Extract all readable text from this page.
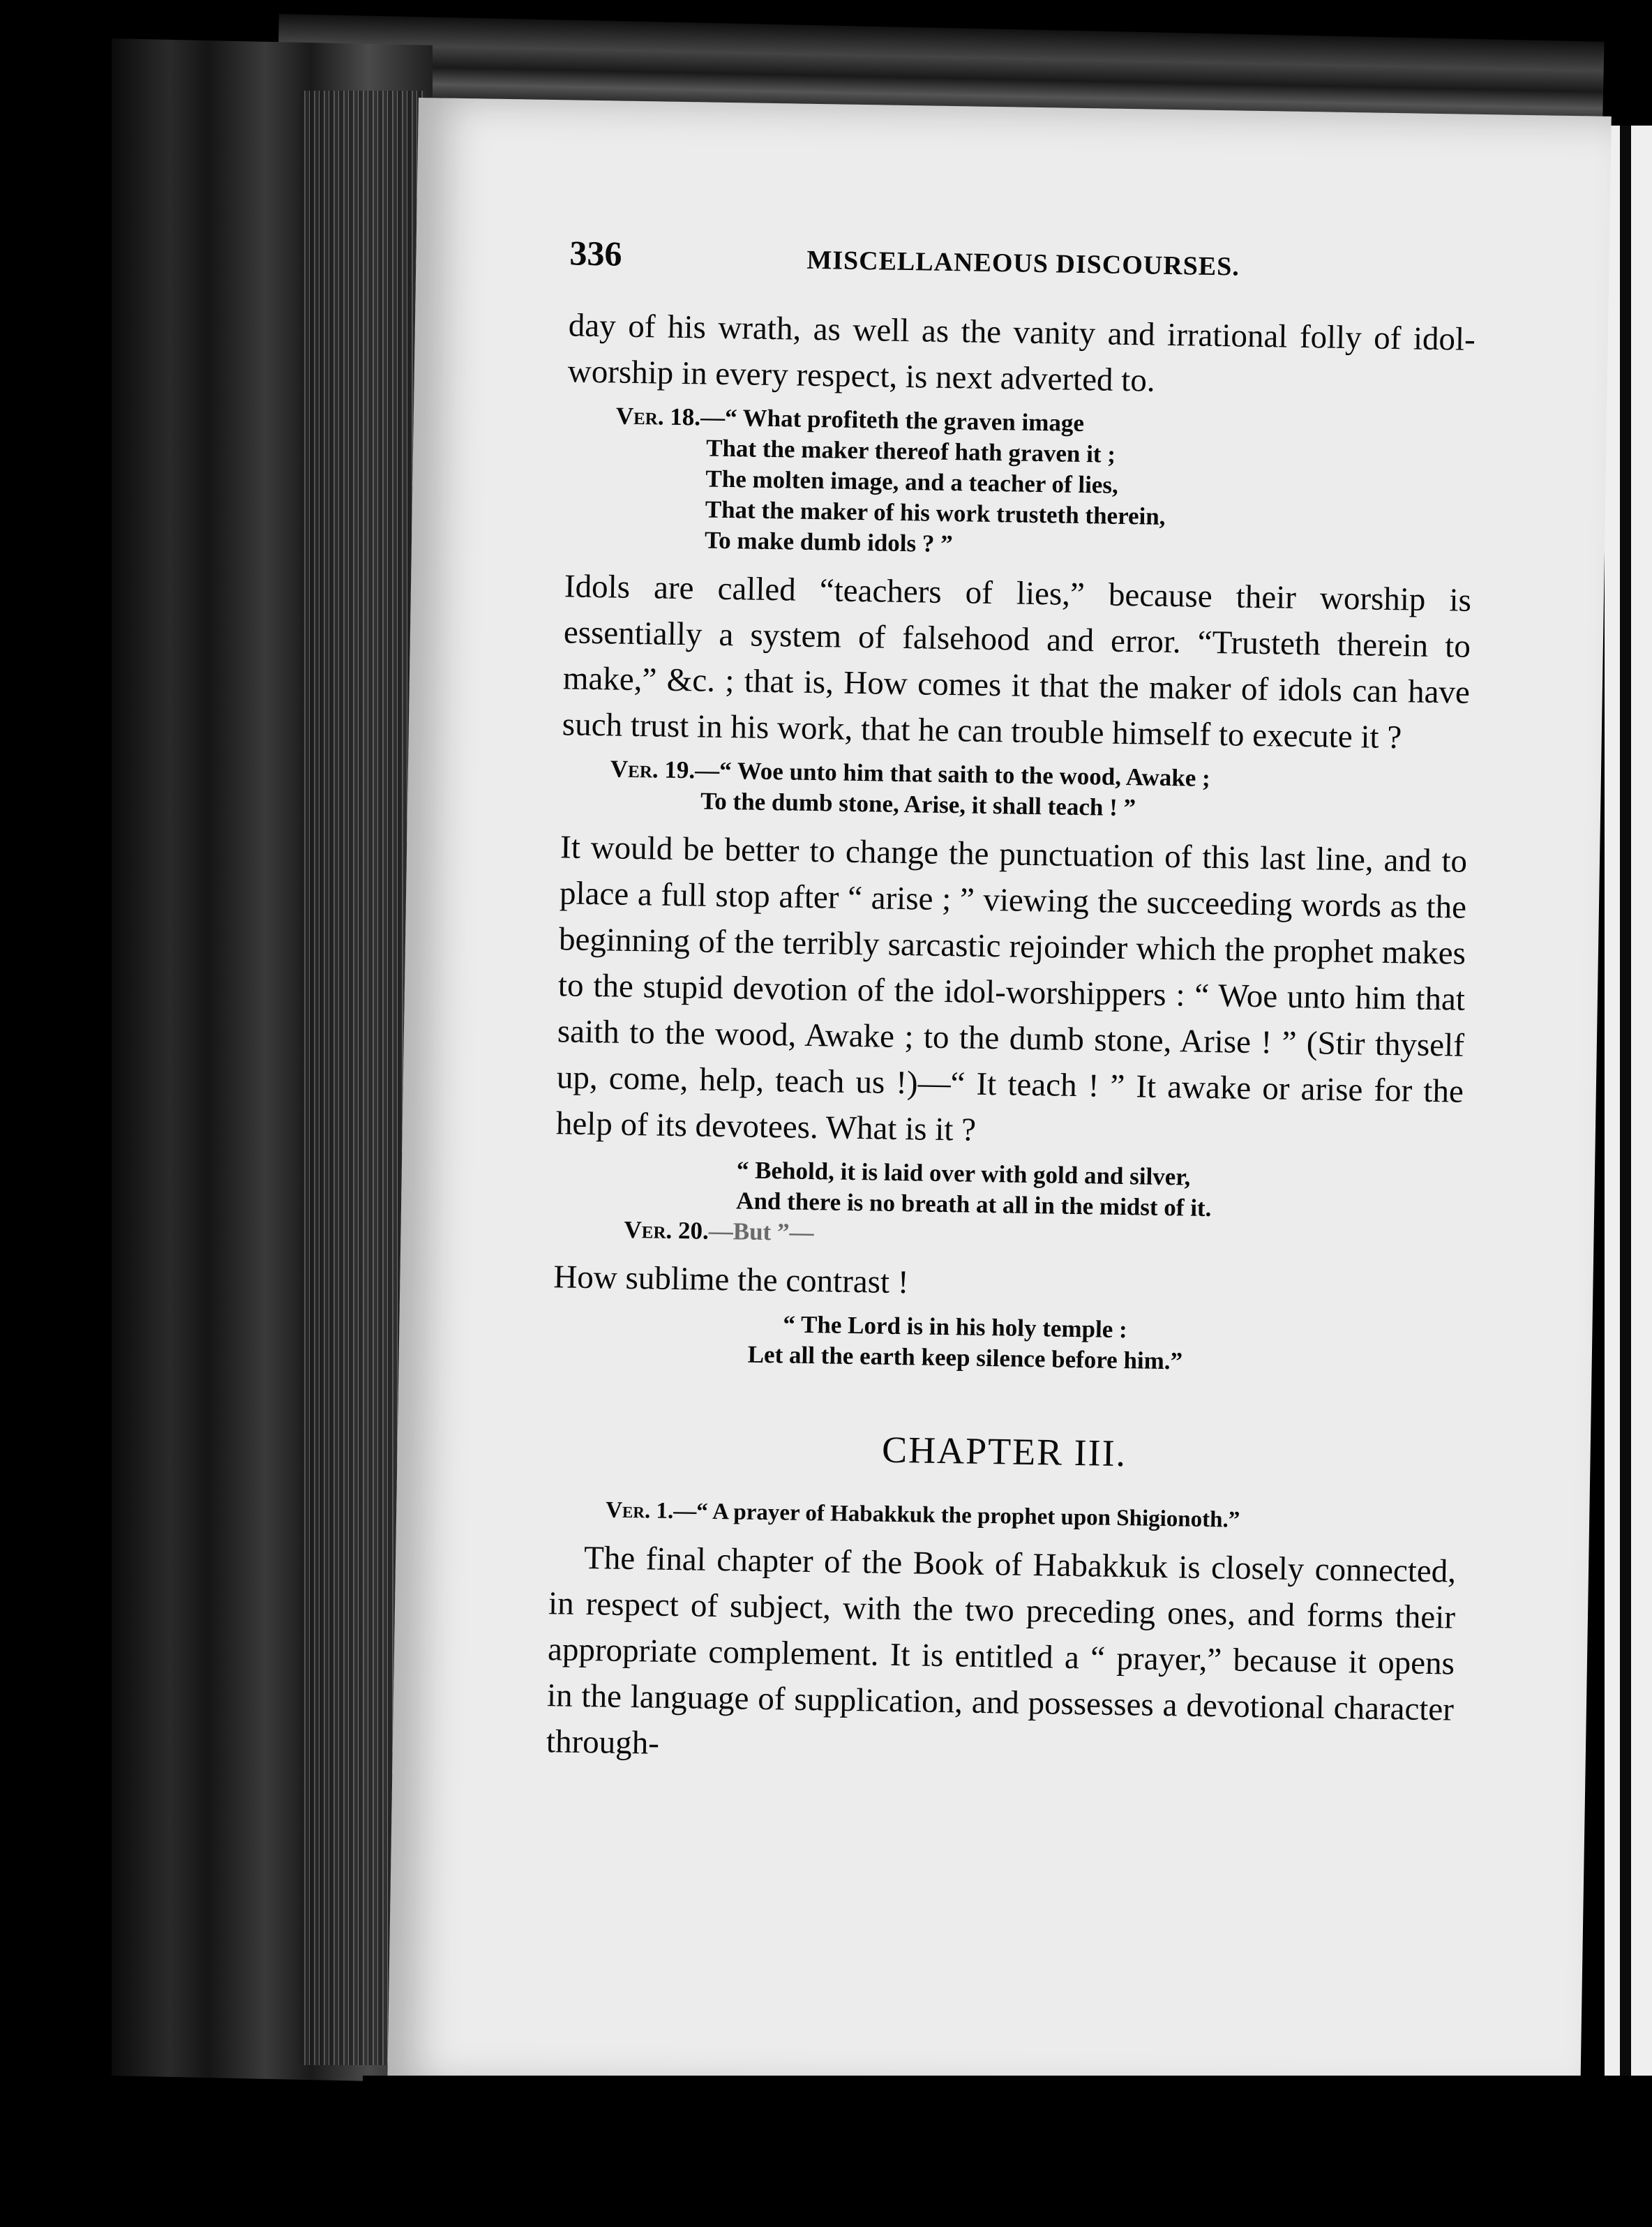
336	MISCELLANEOUS DISCOURSES.

day of his wrath, as well as the vanity and irrational folly of idol-worship in every respect, is next adverted to.

Ver. 18.—“ What profiteth the graven image
That the maker thereof hath graven it ;
The molten image, and a teacher of lies,
That the maker of his work trusteth therein,
To make dumb idols ? ”

Idols are called “teachers of lies,” because their worship is essentially a system of falsehood and error. “Trusteth therein to make,” &c. ; that is, How comes it that the maker of idols can have such trust in his work, that he can trouble himself to execute it ?

Ver. 19.—“ Woe unto him that saith to the wood, Awake ;
To the dumb stone, Arise, it shall teach ! ”

It would be better to change the punctuation of this last line, and to place a full stop after “ arise ; ” viewing the succeeding words as the beginning of the terribly sarcastic rejoinder which the prophet makes to the stupid devotion of the idol-worshippers : “ Woe unto him that saith to the wood, Awake ; to the dumb stone, Arise ! ” (Stir thyself up, come, help, teach us !)—“ It teach ! ” It awake or arise for the help of its devotees. What is it ?

“ Behold, it is laid over with gold and silver,
And there is no breath at all in the midst of it.
Ver. 20.—But ”—

How sublime the contrast !

“ The Lord is in his holy temple :
Let all the earth keep silence before him.”
CHAPTER III.
Ver. 1.—“ A prayer of Habakkuk the prophet upon Shigionoth.”

The final chapter of the Book of Habakkuk is closely connected, in respect of subject, with the two preceding ones, and forms their appropriate complement. It is entitled a “ prayer,” because it opens in the language of supplication, and possesses a devotional character through-
